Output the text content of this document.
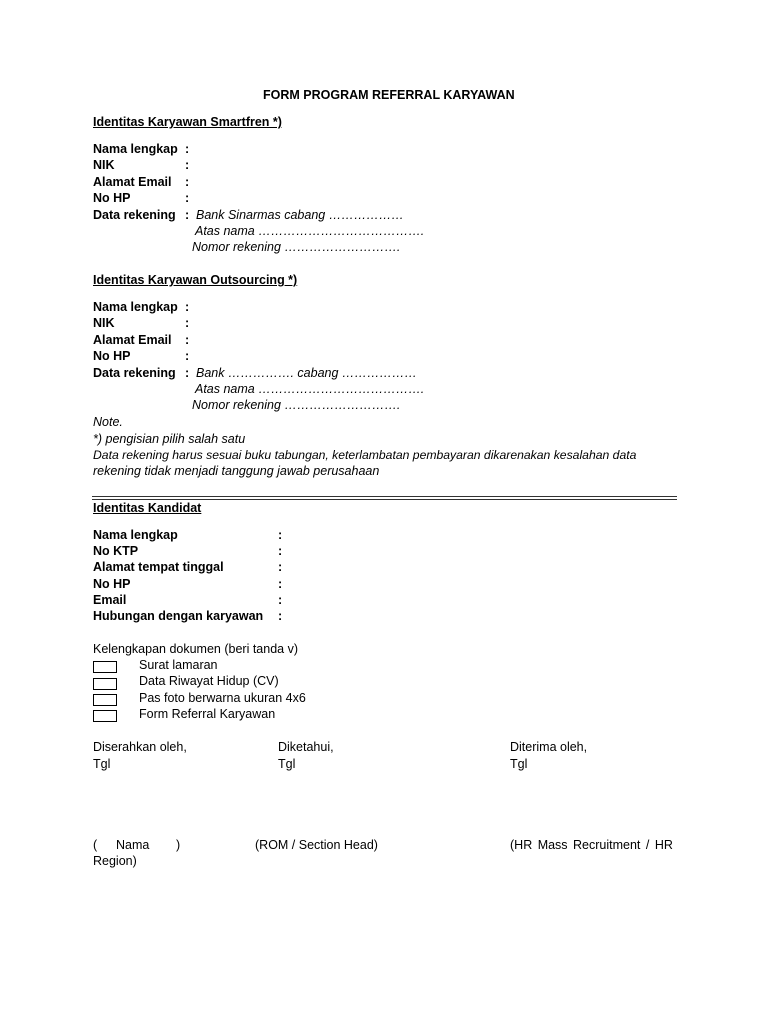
FORM PROGRAM REFERRAL KARYAWAN
Identitas Karyawan Smartfren *)
Nama lengkap :
NIK	:
Alamat Email :
No HP	:
Data rekening : Bank Sinarmas cabang ………………
Atas nama ………………………………….
Nomor rekening ……………………….
Identitas Karyawan Outsourcing *)
Nama lengkap :
NIK	:
Alamat Email :
No HP	:
Data rekening : Bank ……………. cabang ………………
Atas nama ………………………………….
Nomor rekening ……………………….
Note.
*) pengisian pilih salah satu
Data rekening harus sesuai buku tabungan, keterlambatan pembayaran dikarenakan kesalahan data
rekening tidak menjadi tanggung jawab perusahaan
Identitas Kandidat
Nama lengkap	:
No KTP	:
Alamat tempat tinggal	:
No HP	:
Email	:
Hubungan dengan karyawan :
Kelengkapan dokumen (beri tanda v)
Surat lamaran
Data Riwayat Hidup (CV)
Pas foto berwarna ukuran 4x6
Form Referral Karyawan
Diserahkan oleh,	Diketahui,	Diterima oleh,
Tgl	Tgl	Tgl
( Nama )	(ROM / Section Head)	(HR Mass Recruitment / HR
Region)
